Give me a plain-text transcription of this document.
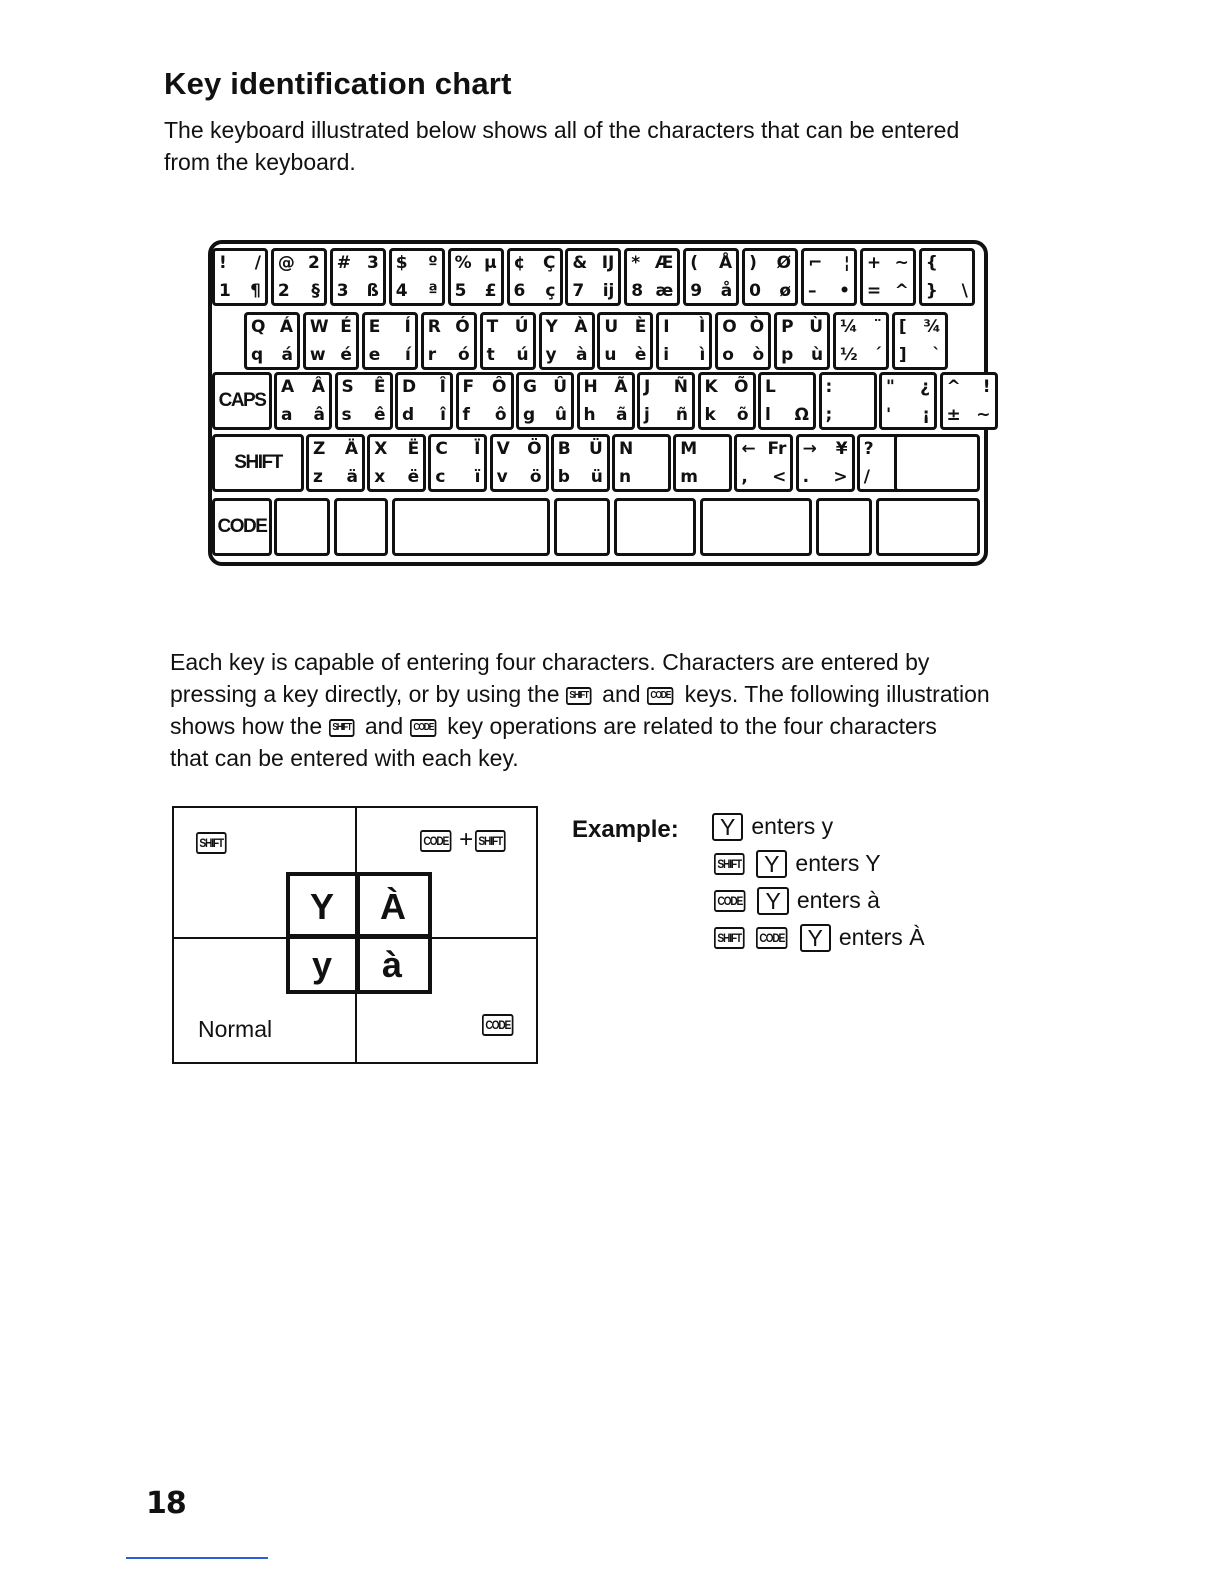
Key identification chart
The keyboard illustrated below shows all of the characters that can be entered
from the keyboard.
! /
1 ¶
@ 2
2 §
# 3
3 ß
$ º
4 ª
% µ
5 £
¢ Ç
6 ç
& IJ
7 ij
* Æ
8 æ
( Å
9 å
) Ø
0 ø
⌐ ¦
– •
+ ~
= ^
{
} \
Q Á
q á
W É
w é
E Í
e í
R Ó
r ó
T Ú
t ú
Y À
y à
U È
u è
I Ì
i ì
O Ò
o ò
P Ù
p ù
¼ ¨
½ ´
[ ¾
] `
CAPS
A Â
a â
S Ê
s ê
D Î
d î
F Ô
f ô
G Û
g û
H Ã
h ã
J Ñ
j ñ
K Õ
k õ
L
l Ω
:
;
" ¿
' ¡
^ !
± ~
SHIFT
Z Ä
z ä
X Ë
x ë
C Ï
c ï
V Ö
v ö
B Ü
b ü
N
n
M
m
← Fr
, <
→ ¥
. >
?
/
CODE
Each key is capable of entering four characters. Characters are entered by
pressing a key directly, or by using the SHIFT and CODE keys. The following illustration
shows how the SHIFT and CODE key operations are related to the four characters
that can be entered with each key.
SHIFT	CODE + SHIFT
Y À
y à
Normal	CODE
Example:	Y enters y
SHIFT Y enters Y
CODE Y enters à
SHIFT CODE Y enters À
18
